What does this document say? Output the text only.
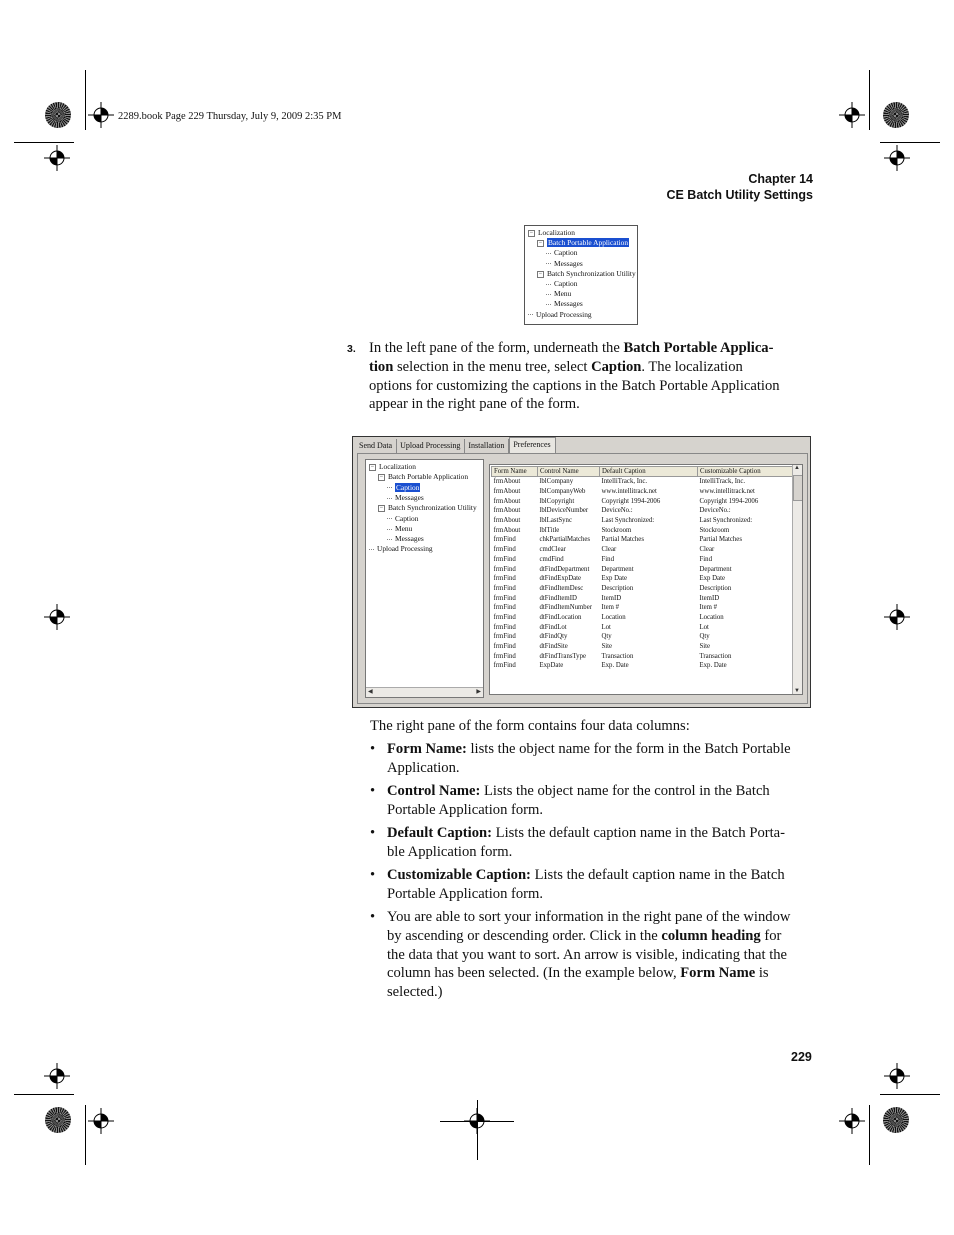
2289.book Page 229 Thursday, July 9, 2009 2:35 PM
Chapter 14
CE Batch Utility Settings
− Localization
− Batch Portable Application
Caption
Messages
− Batch Synchronization Utility
Caption
Menu
Messages
Upload Processing
3. In the left pane of the form, underneath the Batch Portable Applica-
tion selection in the menu tree, select Caption. The localization
options for customizing the captions in the Batch Portable Application
appear in the right pane of the form.
Send Data	Upload Processing	Installation	Preferences
Upload Processing
Messages
Menu
Caption
− Batch Synchronization Utility
Messages
Caption
− Batch Portable Application
− Localization
◀	▶
Form Name	Control Name	Default Caption	Customizable Caption
frmAbout	lblCompany	IntelliTrack, Inc.	IntelliTrack, Inc.
frmAbout	lblCompanyWeb	www.intellitrack.net	www.intellitrack.net
frmAbout	lblCopyright	Copyright 1994-2006	Copyright 1994-2006
frmAbout	lblDeviceNumber	DeviceNo.:	DeviceNo.:
frmAbout	lblLastSync	Last Synchronized:	Last Synchronized:
frmAbout	lblTitle	Stockroom	Stockroom
frmFind	chkPartialMatches	Partial Matches	Partial Matches
frmFind	cmdClear	Clear	Clear
frmFind	cmdFind	Find	Find
frmFind	dtFindDepartment	Department	Department
frmFind	dtFindExpDate	Exp Date	Exp Date
frmFind	dtFindItemDesc	Description	Description
frmFind	dtFindItemID	ItemID	ItemID
frmFind	dtFindItemNumber	Item #	Item #
frmFind	dtFindLocation	Location	Location
frmFind	dtFindLot	Lot	Lot
frmFind	dtFindQty	Qty	Qty
frmFind	dtFindSite	Site	Site
frmFind	dtFindTransType	Transaction	Transaction
frmFind	ExpDate	Exp. Date	Exp. Date
▲
▼
The right pane of the form contains four data columns:
• Form Name: lists the object name for the form in the Batch Portable
Application.
• Control Name: Lists the object name for the control in the Batch
Portable Application form.
• Default Caption: Lists the default caption name in the Batch Porta-
ble Application form.
• Customizable Caption: Lists the default caption name in the Batch
Portable Application form.
• You are able to sort your information in the right pane of the window
by ascending or descending order. Click in the column heading for
the data that you want to sort. An arrow is visible, indicating that the
column has been selected. (In the example below, Form Name is
selected.)
229
